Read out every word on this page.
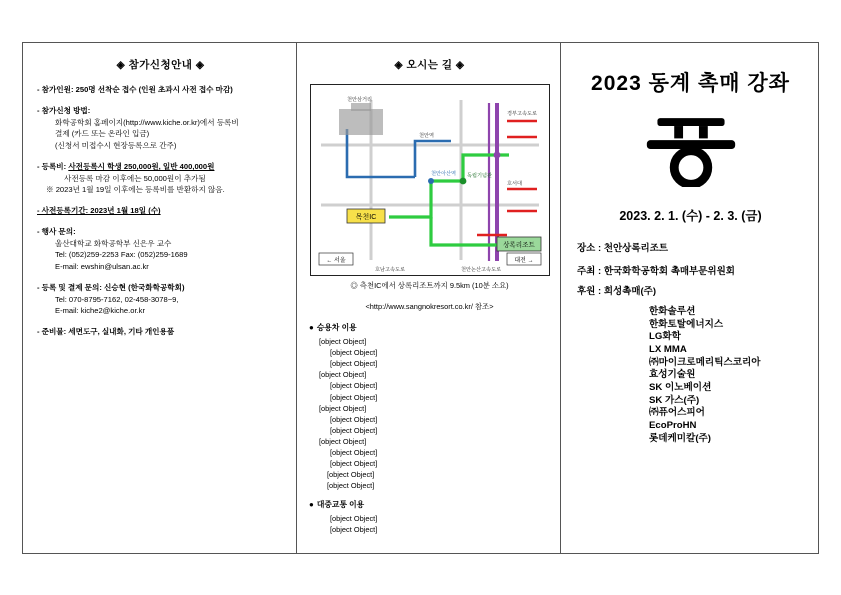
◈ 참가신청안내 ◈
- 참가인원: 250명 선착순 접수 (인원 초과시 사전 접수 마감)
- 참가신청 방법:
화학공학회 홈페이지(http://www.kiche.or.kr)에서 등록비
결제 (카드 또는 온라인 입금)
(신청서 미접수시 현장등록으로 간주)
- 등록비: 사전등록시 학생 250,000원, 일반 400,000원
사전등록 마감 이후에는 50,000원이 추가됨
※ 2023년 1월 19일 이후에는 등록비를 반환하지 않음.
- 사전등록기간: 2023년 1월 18일 (수)
- 행사 문의:
울산대학교 화학공학부 신은우 교수
Tel: (052)259-2253 Fax: (052)259-1689
E-mail: ewshin@ulsan.ac.kr
- 등록 및 결제 문의: 신승현 (한국화학공학회)
Tel: 070-8795-7162, 02-458-3078~9,
E-mail: kiche2@kiche.or.kr
- 준비물: 세면도구, 실내화, 기타 개인용품
◈ 오시는 길 ◈
목천IC
상록리조트
천안삼거리
천안역
천안아산역 독립기념관
경부고속도로
호서대
천안논산고속도로
호남고속도로
← 서울	대전 →
◎ 측천IC에서 상록리조트까지 9.5km (10분 소요)
<http://www.sangnokresort.co.kr/ 참조>
● 승용차 이용
[object Object]
[object Object]
[object Object]
[object Object]
[object Object]
[object Object]
[object Object]
[object Object]
[object Object]
[object Object]
[object Object]
[object Object]
[object Object]
[object Object]
● 대중교통 이용
[object Object]
[object Object]
2023 동계 촉매 강좌
2023. 2. 1. (수) - 2. 3. (금)
장소 : 천안상록리조트
주최 : 한국화학공학회 촉매부문위원회
후원 : 희성촉매(주)
한화솔루션
한화토탈에너지스
LG화학
LX MMA
㈜마이크로메리틱스코리아
효성기술원
SK 이노베이션
SK 가스(주)
㈜퓨어스피어
EcoProHN
롯데케미칼(주)
